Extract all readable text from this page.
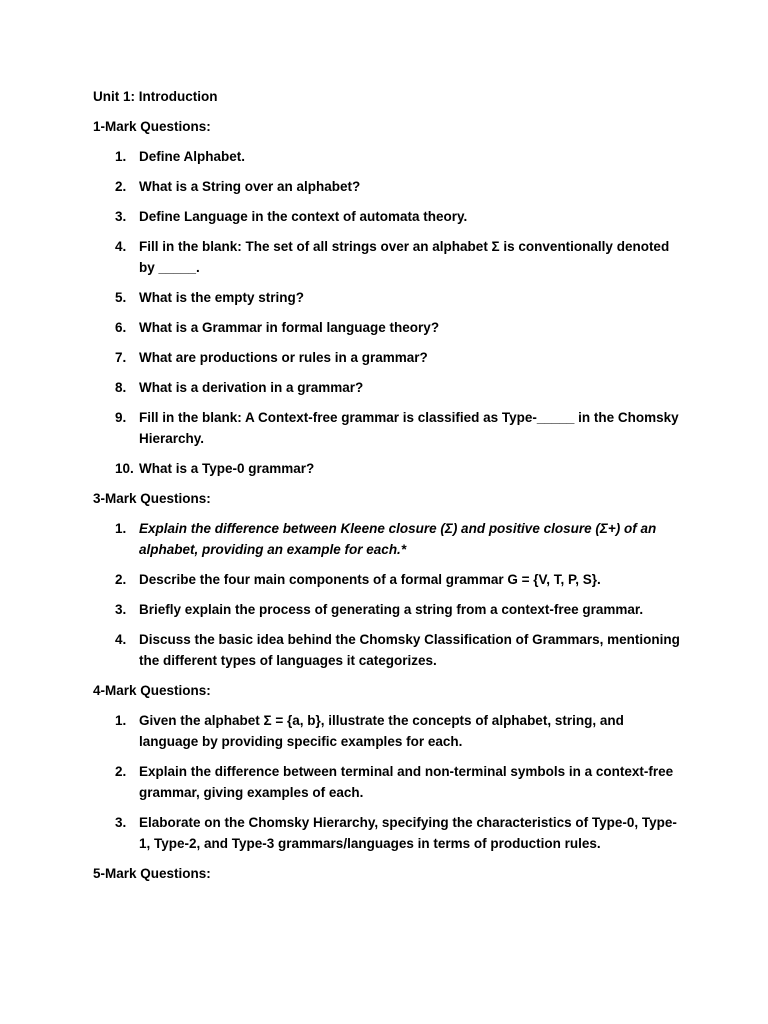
Unit 1: Introduction
1-Mark Questions:
1. Define Alphabet.
2. What is a String over an alphabet?
3. Define Language in the context of automata theory.
4. Fill in the blank: The set of all strings over an alphabet Σ is conventionally denoted by _____.
5. What is the empty string?
6. What is a Grammar in formal language theory?
7. What are productions or rules in a grammar?
8. What is a derivation in a grammar?
9. Fill in the blank: A Context-free grammar is classified as Type-_____ in the Chomsky Hierarchy.
10. What is a Type-0 grammar?
3-Mark Questions:
1. Explain the difference between Kleene closure (Σ) and positive closure (Σ+) of an alphabet, providing an example for each.*
2. Describe the four main components of a formal grammar G = {V, T, P, S}.
3. Briefly explain the process of generating a string from a context-free grammar.
4. Discuss the basic idea behind the Chomsky Classification of Grammars, mentioning the different types of languages it categorizes.
4-Mark Questions:
1. Given the alphabet Σ = {a, b}, illustrate the concepts of alphabet, string, and language by providing specific examples for each.
2. Explain the difference between terminal and non-terminal symbols in a context-free grammar, giving examples of each.
3. Elaborate on the Chomsky Hierarchy, specifying the characteristics of Type-0, Type-1, Type-2, and Type-3 grammars/languages in terms of production rules.
5-Mark Questions:
